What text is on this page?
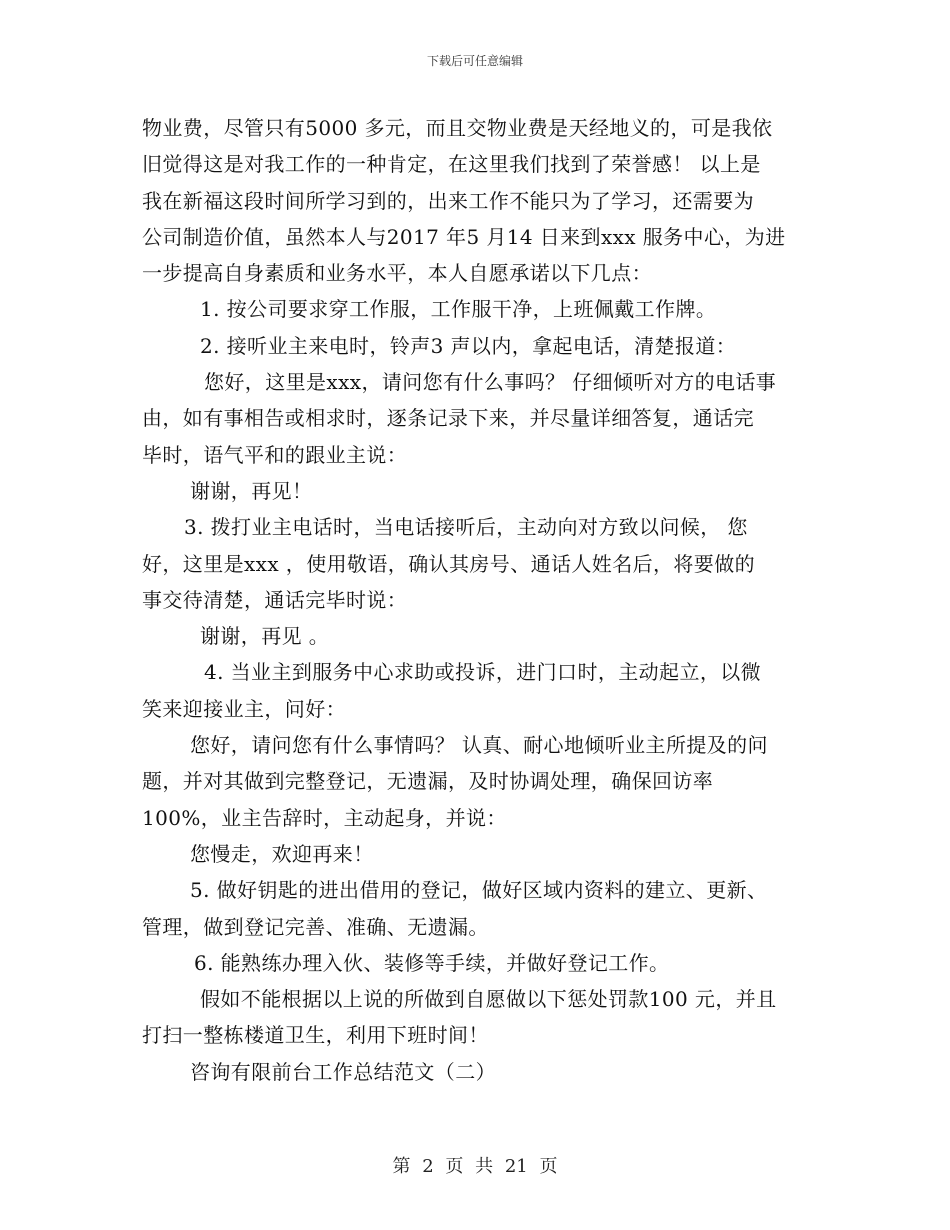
下载后可任意编辑
物业费，尽管只有5000 多元，而且交物业费是天经地义的，可是我依
旧觉得这是对我工作的一种肯定，在这里我们找到了荣誉感！ 以上是
我在新福这段时间所学习到的，出来工作不能只为了学习，还需要为
公司制造价值，虽然本人与2017 年5 月14 日来到xxx 服务中心，为进
一步提高自身素质和业务水平，本人自愿承诺以下几点：
1. 按公司要求穿工作服，工作服干净，上班佩戴工作牌。
2. 接听业主来电时，铃声3 声以内，拿起电话，清楚报道：
您好，这里是xxx，请问您有什么事吗？ 仔细倾听对方的电话事
由，如有事相告或相求时，逐条记录下来，并尽量详细答复，通话完
毕时，语气平和的跟业主说：
谢谢，再见！
3. 拨打业主电话时，当电话接听后，主动向对方致以问候， 您
好，这里是xxx ，使用敬语，确认其房号、通话人姓名后，将要做的
事交待清楚，通话完毕时说：
谢谢，再见 。
4. 当业主到服务中心求助或投诉，进门口时，主动起立，以微
笑来迎接业主，问好：
您好，请问您有什么事情吗？ 认真、耐心地倾听业主所提及的问
题，并对其做到完整登记，无遗漏，及时协调处理，确保回访率
100%，业主告辞时，主动起身，并说：
您慢走，欢迎再来！
5. 做好钥匙的进出借用的登记，做好区域内资料的建立、更新、
管理，做到登记完善、准确、无遗漏。
6. 能熟练办理入伙、装修等手续，并做好登记工作。
假如不能根据以上说的所做到自愿做以下惩处罚款100 元，并且
打扫一整栋楼道卫生，利用下班时间！
咨询有限前台工作总结范文（二）
第 2 页 共 21 页
